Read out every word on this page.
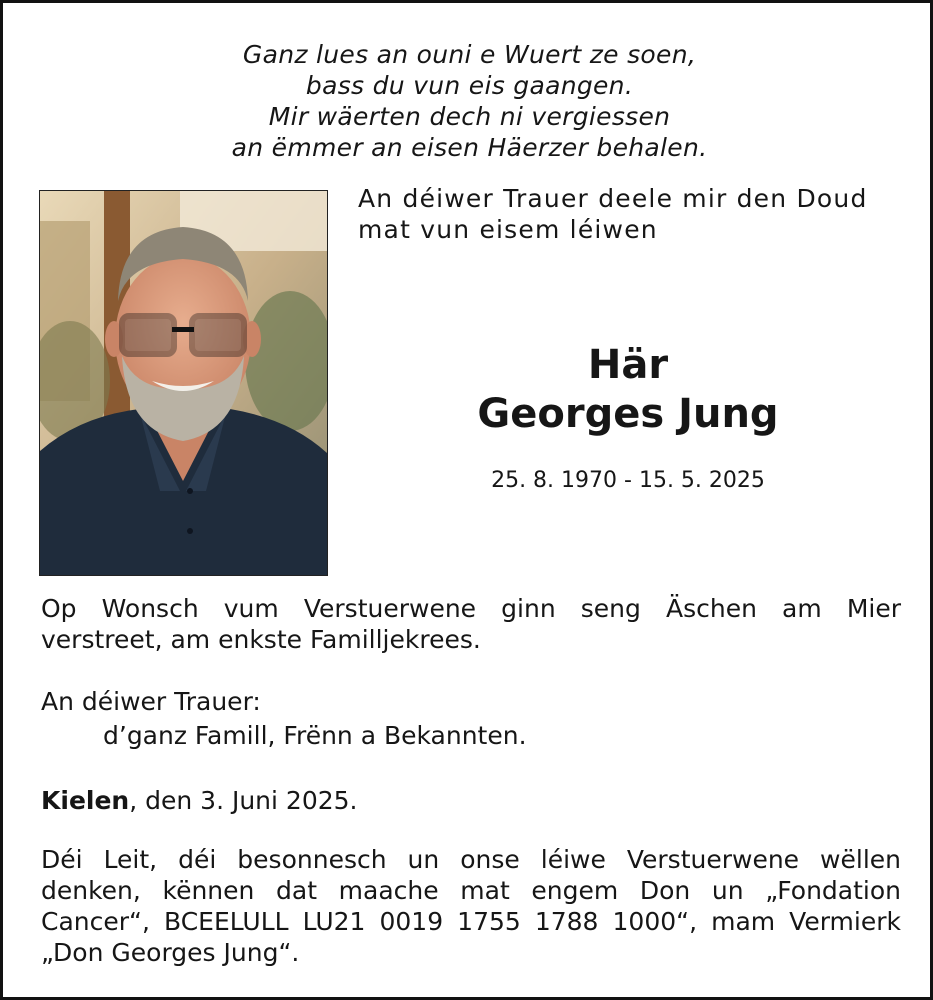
Ganz lues an ouni e Wuert ze soen,
bass du vun eis gaangen.
Mir wäerten dech ni vergiessen
an ëmmer an eisen Häerzer behalen.
An déiwer Trauer deele mir den Doud
mat vun eisem léiwen
Här
Georges Jung
25. 8. 1970 - 15. 5. 2025
Op Wonsch vum Verstuerwene ginn seng Äschen am Mier
verstreet, am enkste Familljekrees.
An déiwer Trauer:
d’ganz Famill, Frënn a Bekannten.
Kielen, den 3. Juni 2025.
Déi Leit, déi besonnesch un onse léiwe Verstuerwene wëllen
denken, kënnen dat maache mat engem Don un „Fondation
Cancer“, BCEELULL LU21 0019 1755 1788 1000“, mam Vermierk
„Don Georges Jung“.
